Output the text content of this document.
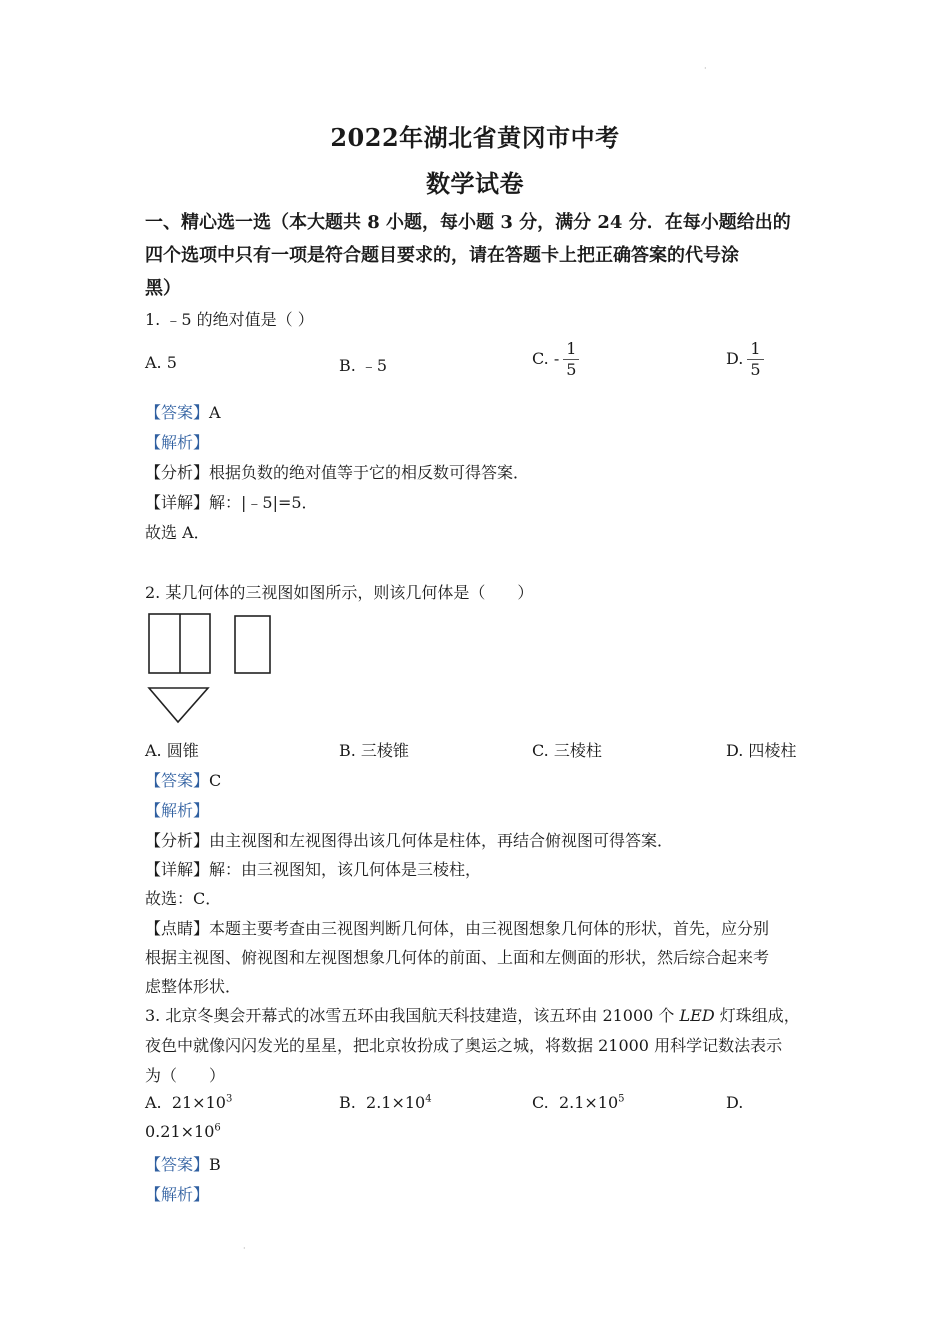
·
2022年湖北省黄冈市中考
数学试卷
一、精心选一选（本大题共 8 小题，每小题 3 分，满分 24 分．在每小题给出的
四个选项中只有一项是符合题目要求的，请在答题卡上把正确答案的代号涂
黑）
1. ﹣5 的绝对值是（ ）
A. 5	B. ﹣5	C. - $\frac{1}{5}$	D. $\frac{1}{5}$
【答案】A
【解析】
【分析】根据负数的绝对值等于它的相反数可得答案．
【详解】解：|﹣5|=5．
故选 A．
2. 某几何体的三视图如图所示，则该几何体是（　　）
A. 圆锥	B. 三棱锥	C. 三棱柱	D. 四棱柱
【答案】C
【解析】
【分析】由主视图和左视图得出该几何体是柱体，再结合俯视图可得答案．
【详解】解：由三视图知，该几何体是三棱柱，
故选：C．
【点睛】本题主要考查由三视图判断几何体，由三视图想象几何体的形状，首先，应分别
根据主视图、俯视图和左视图想象几何体的前面、上面和左侧面的形状，然后综合起来考
虑整体形状．
3. 北京冬奥会开幕式的冰雪五环由我国航天科技建造，该五环由 21000 个 LED 灯珠组成，
夜色中就像闪闪发光的星星，把北京妆扮成了奥运之城，将数据 21000 用科学记数法表示
为（　　）
A. $21\times 10^3$	B. $2.1\times 10^4$	C. $2.1\times 10^5$	D.
$0.21\times 10^6$
【答案】B
【解析】
·
